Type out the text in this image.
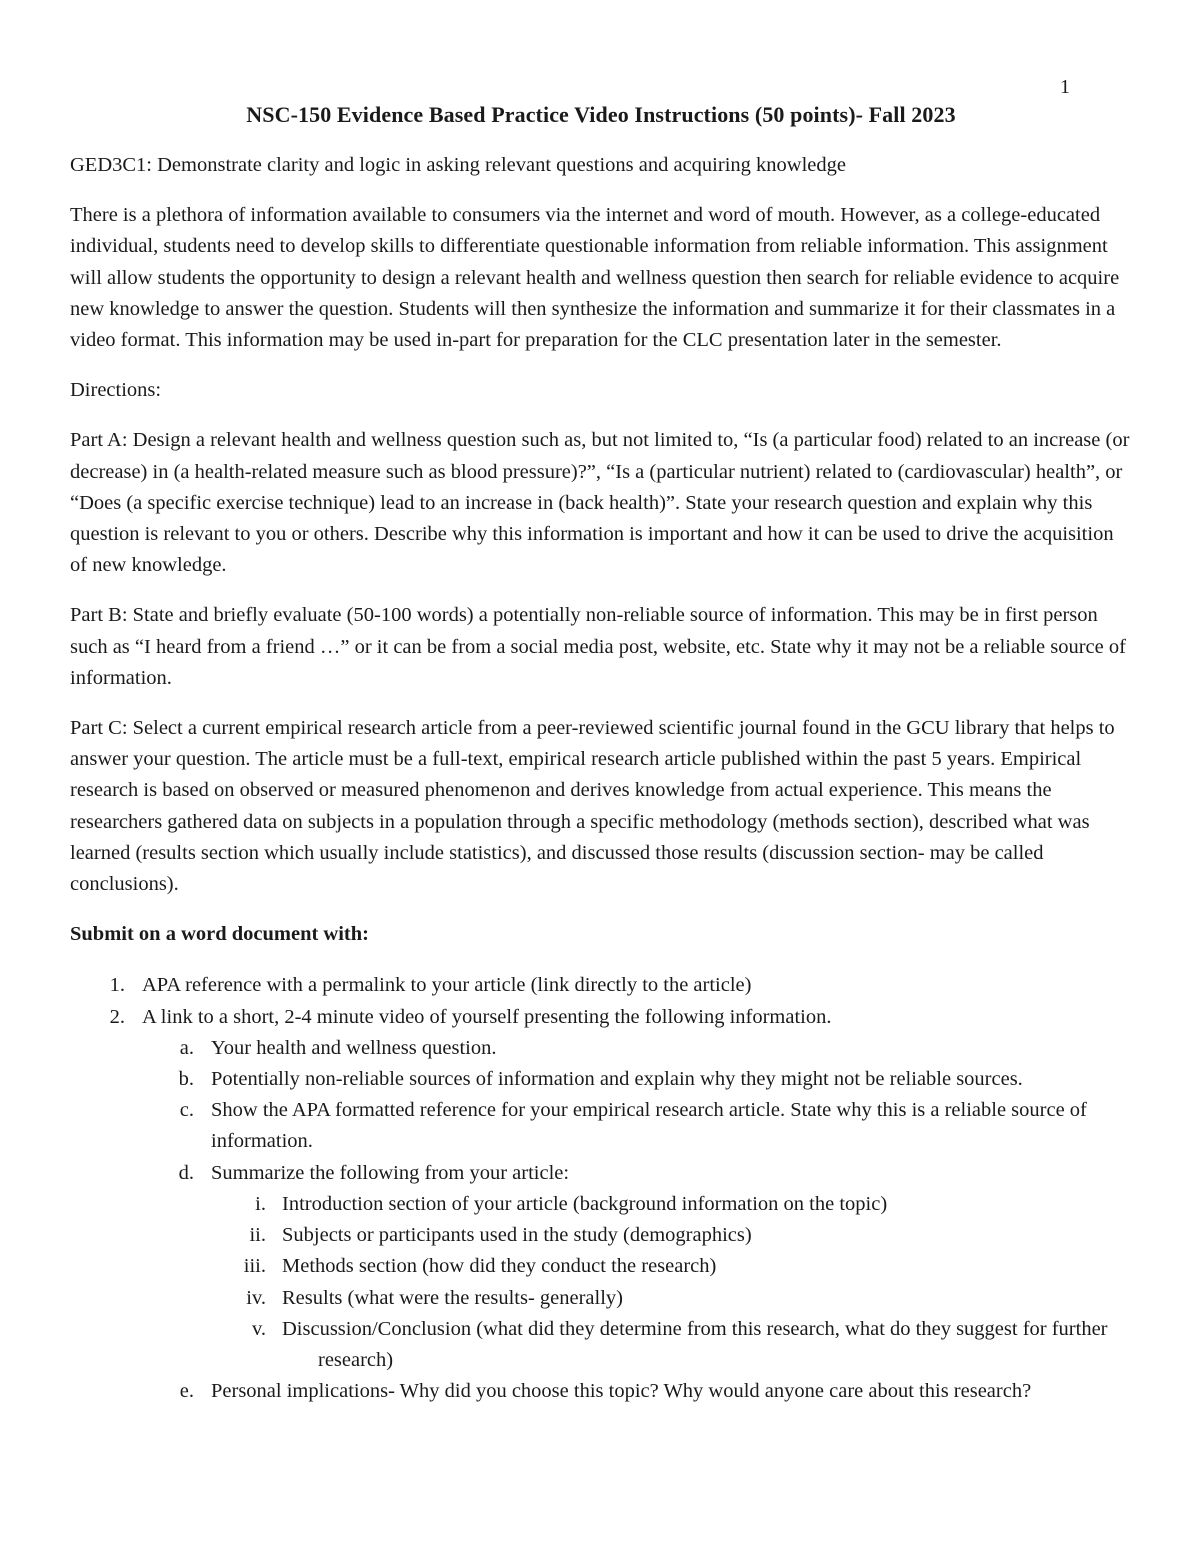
1
NSC-150 Evidence Based Practice Video Instructions (50 points)- Fall 2023

GED3C1: Demonstrate clarity and logic in asking relevant questions and acquiring knowledge

There is a plethora of information available to consumers via the internet and word of mouth. However, as a college-educated individual, students need to develop skills to differentiate questionable information from reliable information. This assignment will allow students the opportunity to design a relevant health and wellness question then search for reliable evidence to acquire new knowledge to answer the question. Students will then synthesize the information and summarize it for their classmates in a video format. This information may be used in-part for preparation for the CLC presentation later in the semester.

Directions:

Part A: Design a relevant health and wellness question such as, but not limited to, “Is (a particular food) related to an increase (or decrease) in (a health-related measure such as blood pressure)?”, “Is a (particular nutrient) related to (cardiovascular) health”, or “Does (a specific exercise technique) lead to an increase in (back health)”. State your research question and explain why this question is relevant to you or others. Describe why this information is important and how it can be used to drive the acquisition of new knowledge.

Part B: State and briefly evaluate (50-100 words) a potentially non-reliable source of information. This may be in first person such as “I heard from a friend …” or it can be from a social media post, website, etc. State why it may not be a reliable source of information.

Part C: Select a current empirical research article from a peer-reviewed scientific journal found in the GCU library that helps to answer your question. The article must be a full-text, empirical research article published within the past 5 years. Empirical research is based on observed or measured phenomenon and derives knowledge from actual experience. This means the researchers gathered data on subjects in a population through a specific methodology (methods section), described what was learned (results section which usually include statistics), and discussed those results (discussion section- may be called conclusions).

Submit on a word document with:

1. APA reference with a permalink to your article (link directly to the article)
2. A link to a short, 2-4 minute video of yourself presenting the following information.
a. Your health and wellness question.
b. Potentially non-reliable sources of information and explain why they might not be reliable sources.
c. Show the APA formatted reference for your empirical research article. State why this is a reliable source of information.
d. Summarize the following from your article:
i. Introduction section of your article (background information on the topic)
ii. Subjects or participants used in the study (demographics)
iii. Methods section (how did they conduct the research)
iv. Results (what were the results- generally)
v. Discussion/Conclusion (what did they determine from this research, what do they suggest for furtherresearch)
e. Personal implications- Why did you choose this topic? Why would anyone care about this research?
